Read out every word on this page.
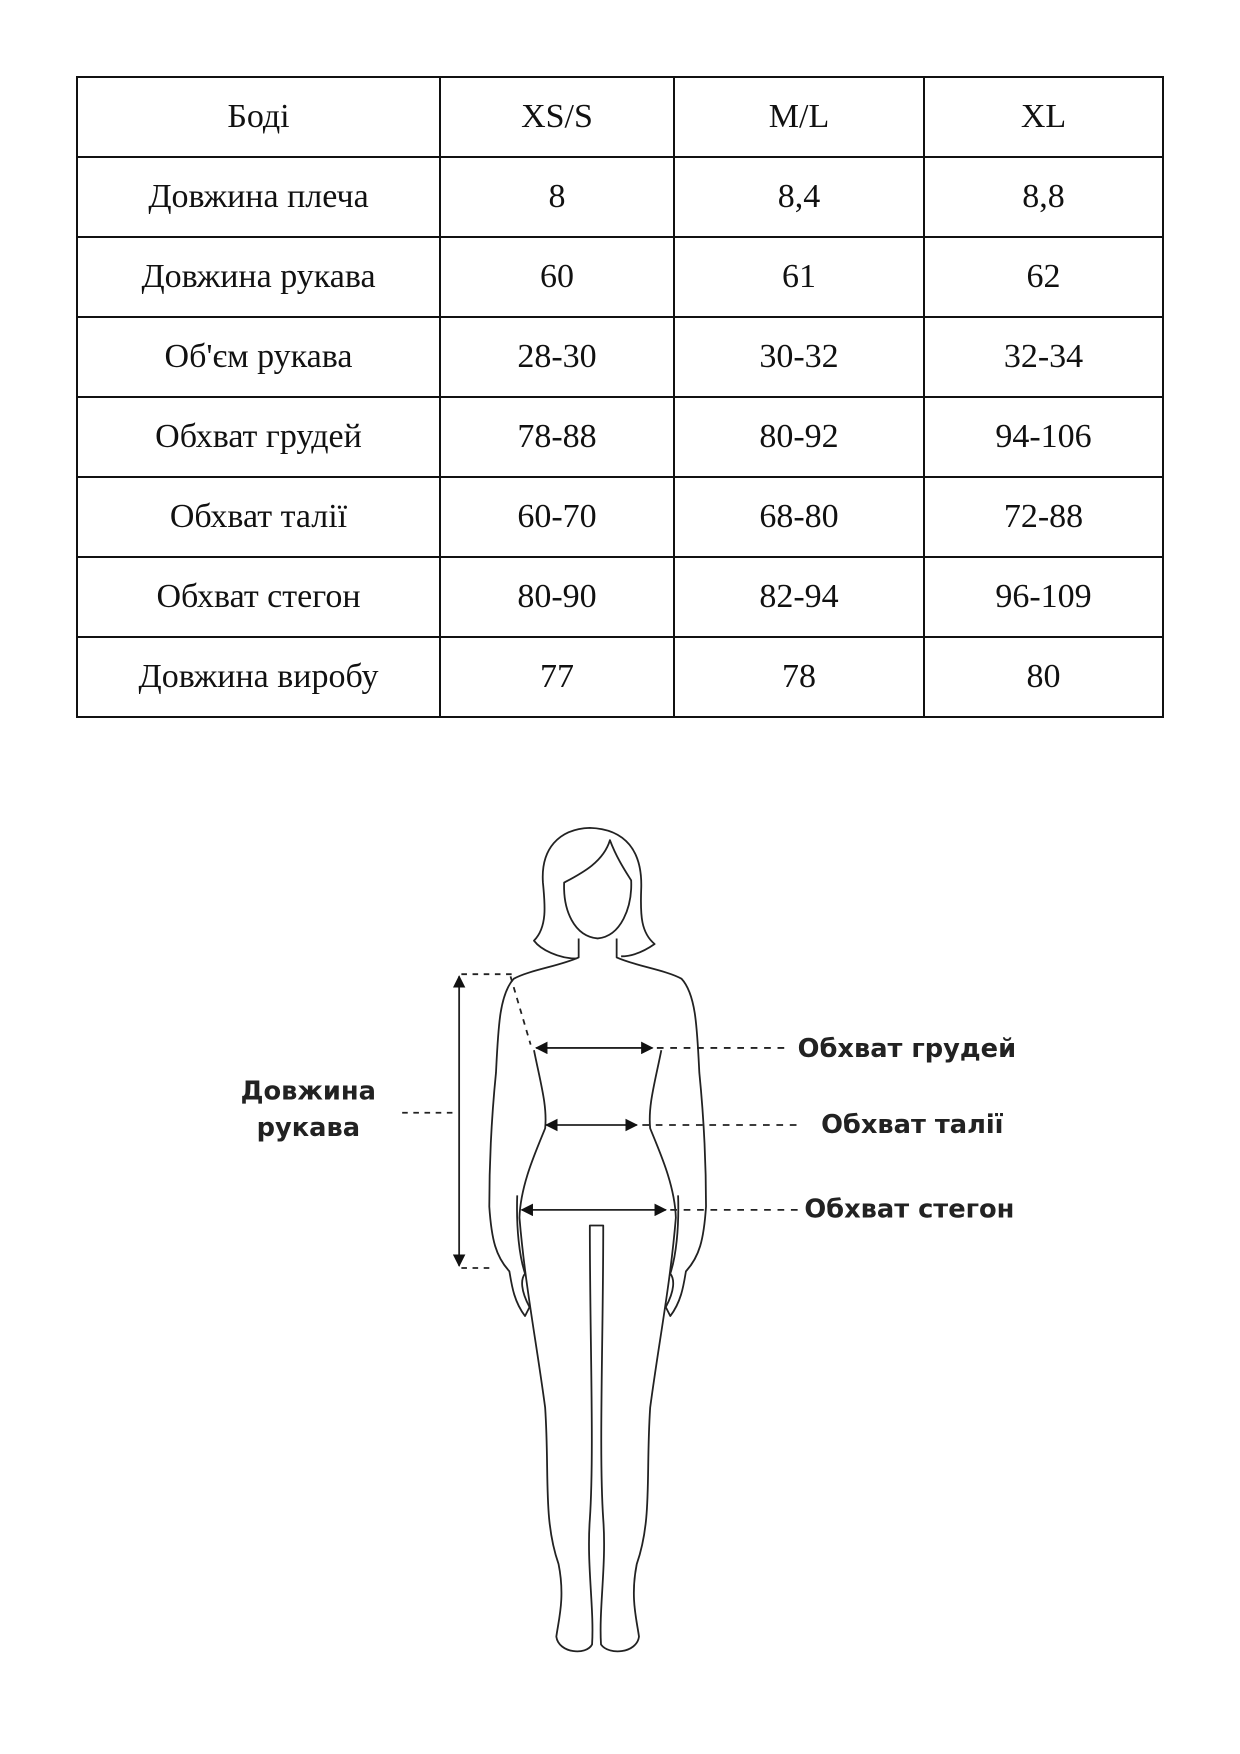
Боді	XS/S	M/L	XL
Довжина плеча	8	8,4	8,8
Довжина рукава	60	61	62
Об'єм рукава	28-30	30-32	32-34
Обхват грудей	78-88	80-92	94-106
Обхват талії	60-70	68-80	72-88
Обхват стегон	80-90	82-94	96-109
Довжина виробу	77	78	80
Довжина
рукава
Обхват грудей
Обхват талії
Обхват стегон
